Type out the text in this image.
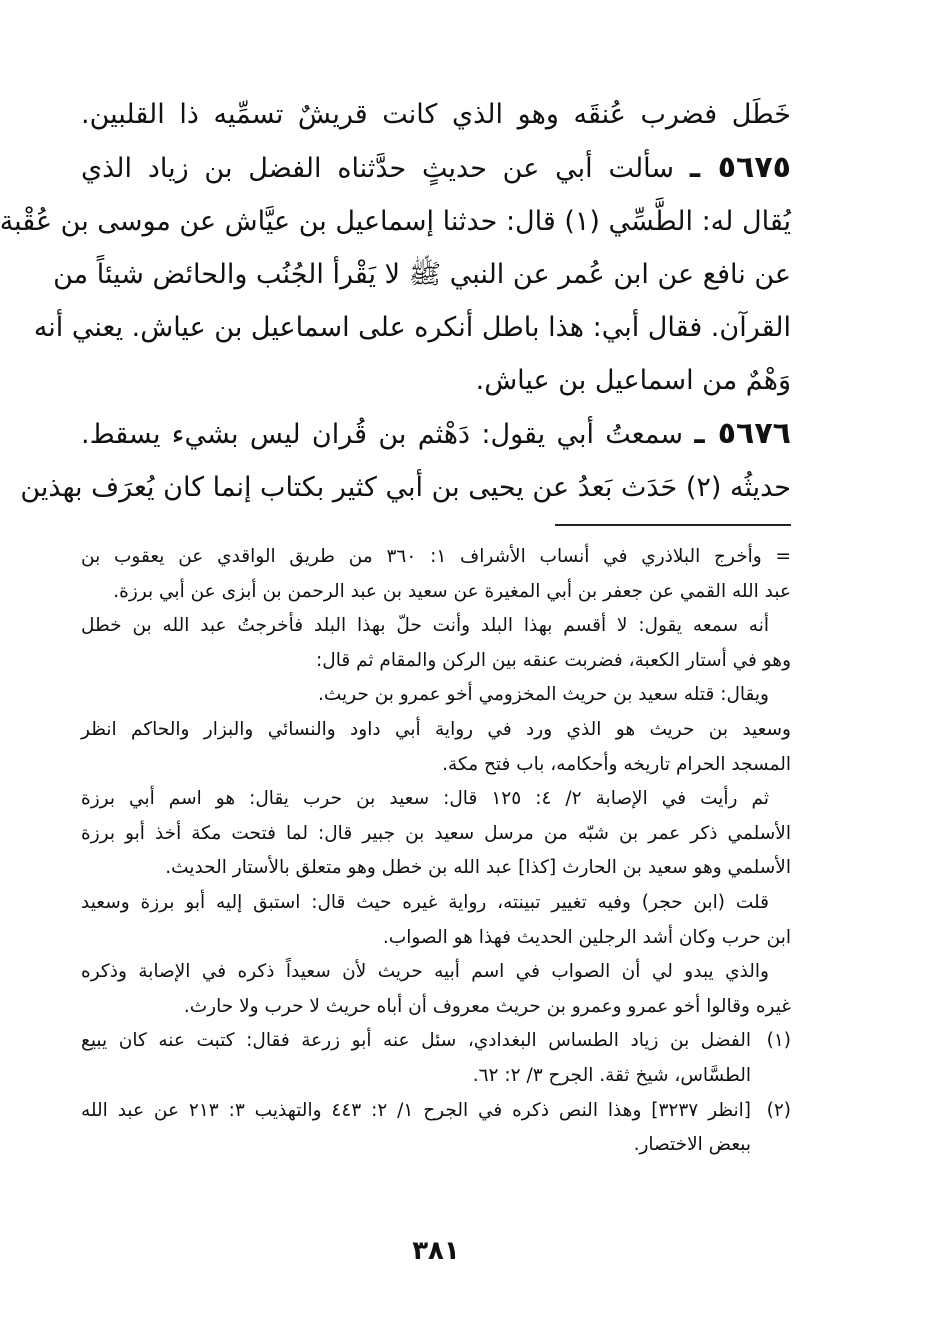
خَطَل فضرب عُنقَه وهو الذي كانت قريشٌ تسمِّيه ذا القلبين.
٥٦٧٥ ـ سألت أبي عن حديثٍ حدَّثناه الفضل بن زياد الذي
يُقال له: الطَّسِّي (١) قال: حدثنا إسماعيل بن عيَّاش عن موسى بن عُقْبة
عن نافع عن ابن عُمر عن النبي ﷺ لا يَقْرأ الجُنُب والحائض شيئاً من
القرآن. فقال أبي: هذا باطل أنكره على اسماعيل بن عياش. يعني أنه
وَهْمٌ من اسماعيل بن عياش.
٥٦٧٦ ـ سمعتُ أبي يقول: دَهْثم بن قُران ليس بشيء يسقط.
حديثُه (٢) حَدَث بَعدُ عن يحيى بن أبي كثير بكتاب إنما كان يُعرَف بهذين
= وأخرج البلاذري في أنساب الأشراف ١: ٣٦٠ من طريق الواقدي عن يعقوب بن
عبد الله القمي عن جعفر بن أبي المغيرة عن سعيد بن عبد الرحمن بن أبزى عن أبي برزة.
أنه سمعه يقول: لا أقسم بهذا البلد وأنت حلّ بهذا البلد فأخرجتُ عبد الله بن خطل
وهو في أستار الكعبة، فضربت عنقه بين الركن والمقام ثم قال:
ويقال: قتله سعيد بن حريث المخزومي أخو عمرو بن حريث.
وسعيد بن حريث هو الذي ورد في رواية أبي داود والنسائي والبزار والحاكم انظر
المسجد الحرام تاريخه وأحكامه، باب فتح مكة.
ثم رأيت في الإصابة ٢/ ٤: ١٢٥ قال: سعيد بن حرب يقال: هو اسم أبي برزة
الأسلمي ذكر عمر بن شبّه من مرسل سعيد بن جبير قال: لما فتحت مكة أخذ أبو برزة
الأسلمي وهو سعيد بن الحارث [كذا] عبد الله بن خطل وهو متعلق بالأستار الحديث.
قلت (ابن حجر) وفيه تغيير تبينته، رواية غيره حيث قال: استبق إليه أبو برزة وسعيد
ابن حرب وكان أشد الرجلين الحديث فهذا هو الصواب.
والذي يبدو لي أن الصواب في اسم أبيه حريث لأن سعيداً ذكره في الإصابة وذكره
غيره وقالوا أخو عمرو وعمرو بن حريث معروف أن أباه حريث لا حرب ولا حارث.
(١)الفضل بن زياد الطساس البغدادي، سئل عنه أبو زرعة فقال: كتبت عنه كان يبيع
الطسَّاس، شيخ ثقة. الجرح ٣/ ٢: ٦٢.
(٢)[انظر ٣٢٣٧] وهذا النص ذكره في الجرح ١/ ٢: ٤٤٣ والتهذيب ٣: ٢١٣ عن عبد الله
ببعض الاختصار.
٣٨١
